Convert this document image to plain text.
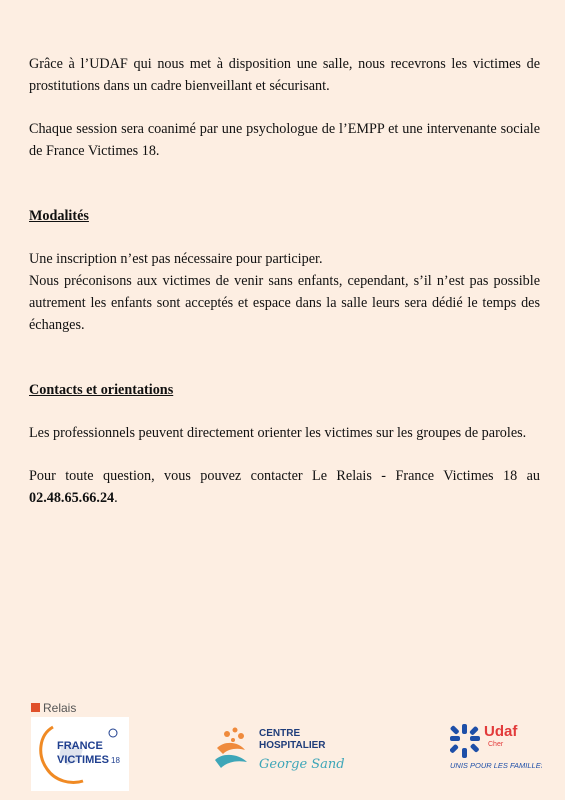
Grâce à l’UDAF qui nous met à disposition une salle, nous recevrons les victimes de prostitutions dans un cadre bienveillant et sécurisant.

Chaque session sera coanimé par une psychologue de l’EMPP et une intervenante sociale de France Victimes 18.

Modalités

Une inscription n’est pas nécessaire pour participer.

Nous préconisons aux victimes de venir sans enfants, cependant, s’il n’est pas possible autrement les enfants sont acceptés et espace dans la salle leurs sera dédié le temps des échanges.

Contacts et orientations

Les professionnels peuvent directement orienter les victimes sur les groupes de paroles.

Pour toute question, vous pouvez contacter Le Relais - France Victimes 18 au 02.48.65.66.24.

Relais
FRANCE
VICTIMES 18
CENTRE
HOSPITALIER
George Sand
Udaf
Cher
UNIS POUR LES FAMILLES
